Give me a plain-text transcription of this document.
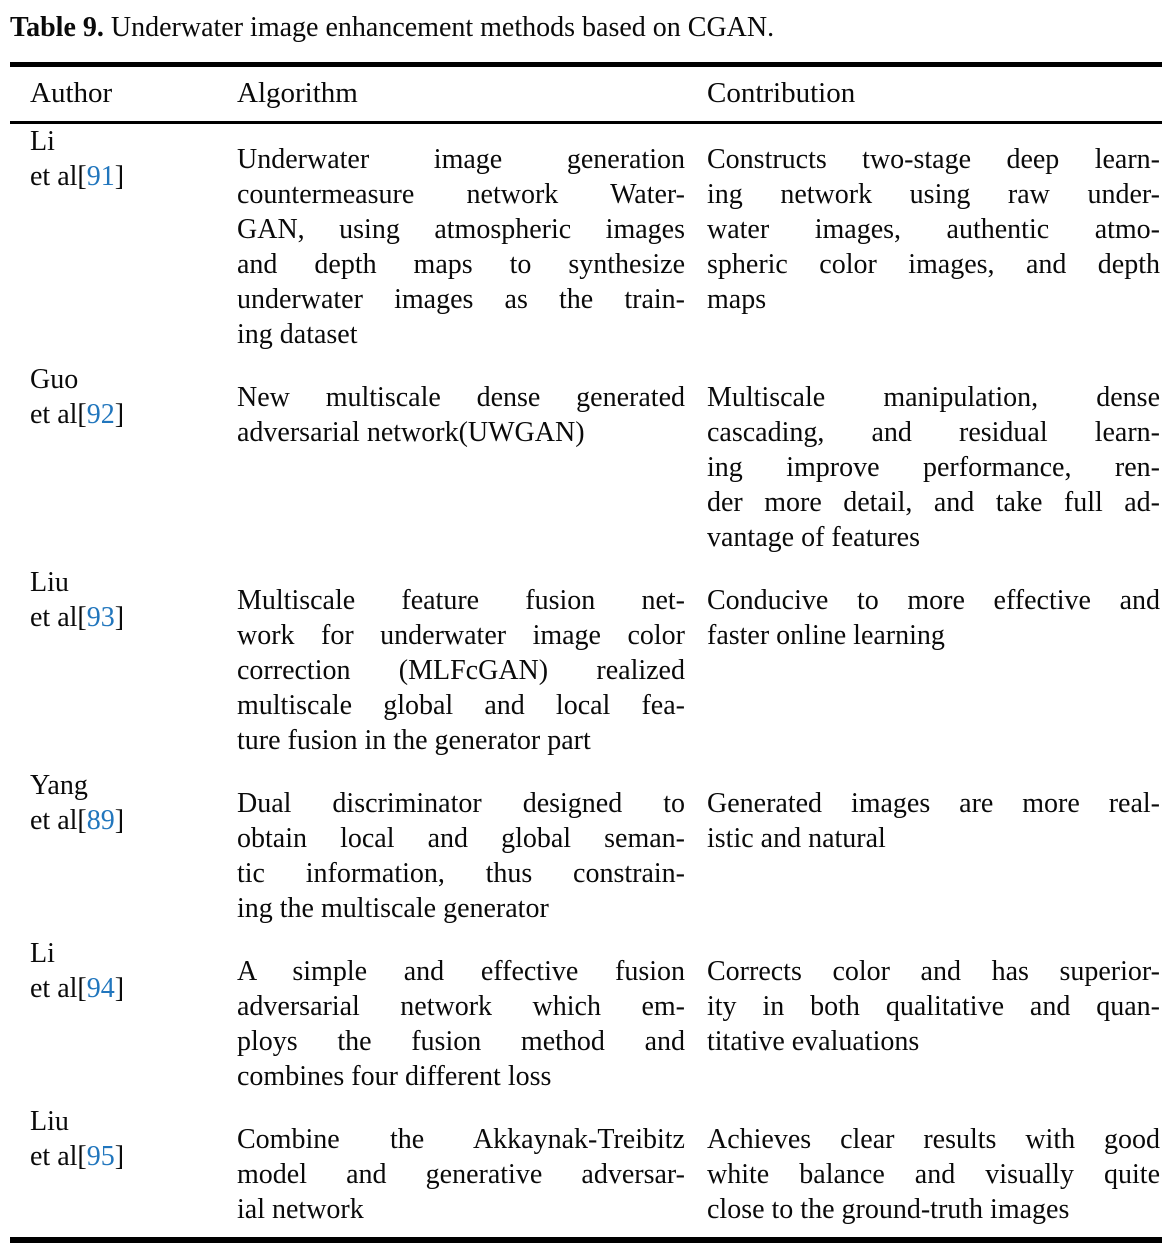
Table 9. Underwater image enhancement methods based on CGAN.
Author	Algorithm	Contribution
Li
et al[91]
Underwater image generation
countermeasure network Water-
GAN, using atmospheric images
and depth maps to synthesize
underwater images as the train-
ing dataset
Constructs two-stage deep learn-
ing network using raw under-
water images, authentic atmo-
spheric color images, and depth
maps
Guo
et al[92]
New multiscale dense generated
adversarial network(UWGAN)
Multiscale manipulation, dense
cascading, and residual learn-
ing improve performance, ren-
der more detail, and take full ad-
vantage of features
Liu
et al[93]
Multiscale feature fusion net-
work for underwater image color
correction (MLFcGAN) realized
multiscale global and local fea-
ture fusion in the generator part
Conducive to more effective and
faster online learning
Yang
et al[89]
Dual discriminator designed to
obtain local and global seman-
tic information, thus constrain-
ing the multiscale generator
Generated images are more real-
istic and natural
Li
et al[94]
A simple and effective fusion
adversarial network which em-
ploys the fusion method and
combines four different loss
Corrects color and has superior-
ity in both qualitative and quan-
titative evaluations
Liu
et al[95]
Combine the Akkaynak-Treibitz
model and generative adversar-
ial network
Achieves clear results with good
white balance and visually quite
close to the ground-truth images
